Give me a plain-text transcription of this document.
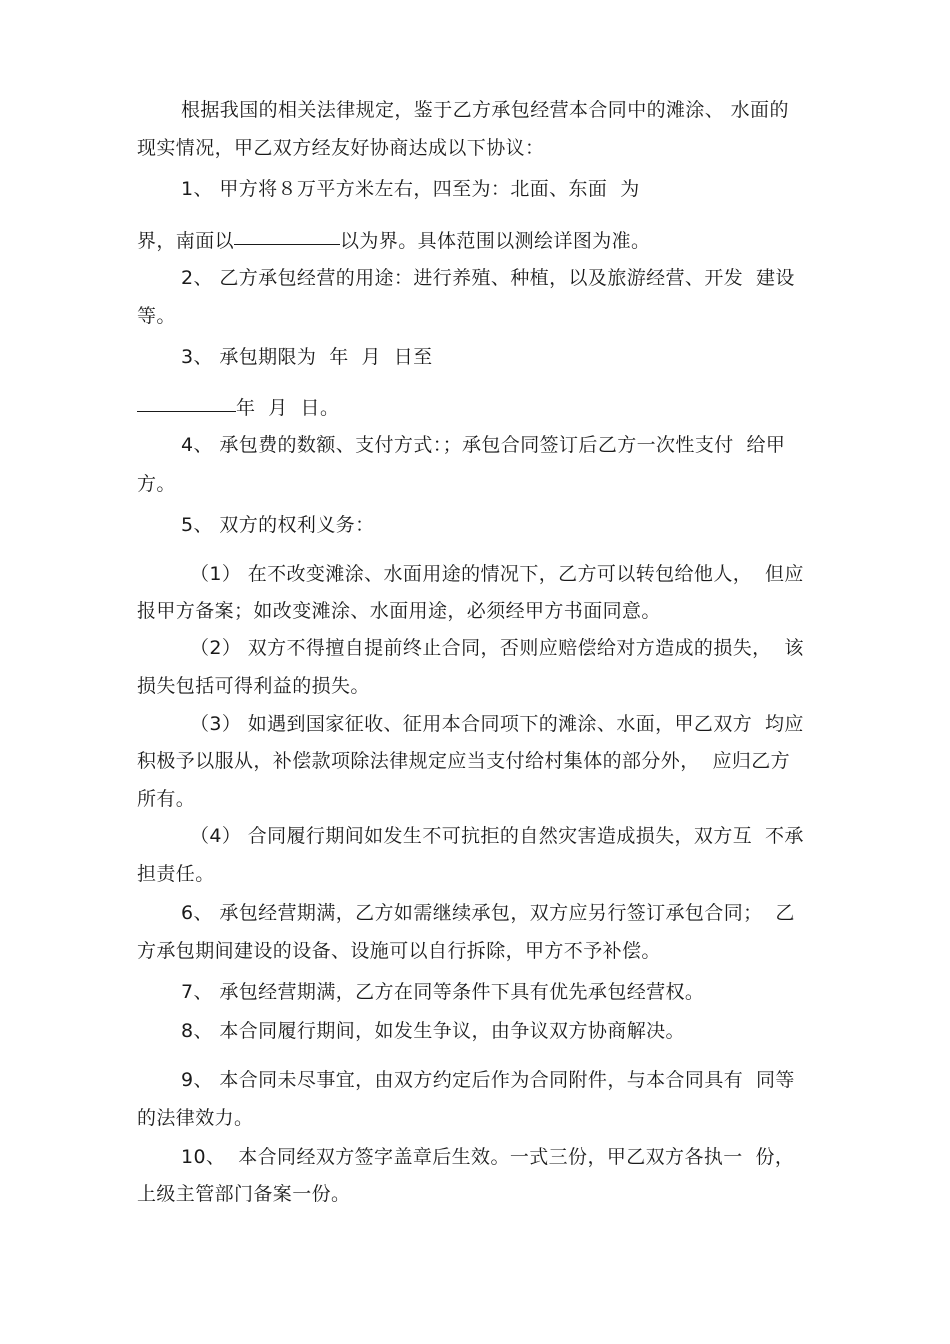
根据我国的相关法律规定，鉴于乙方承包经营本合同中的滩涂、 水面的
现实情况，甲乙双方经友好协商达成以下协议：
1、 甲方将８万平方米左右，四至为：北面、东面  为
界，南面以	以为界。具体范围以测绘详图为准。
2、 乙方承包经营的用途：进行养殖、种植，以及旅游经营、开发  建设
等。
3、 承包期限为  年  月  日至
年  月  日。
4、 承包费的数额、支付方式：；承包合同签订后乙方一次性支付  给甲
方。
5、 双方的权利义务：
（1） 在不改变滩涂、水面用途的情况下，乙方可以转包给他人，  但应
报甲方备案；如改变滩涂、水面用途，必须经甲方书面同意。
（2） 双方不得擅自提前终止合同，否则应赔偿给对方造成的损失，  该
损失包括可得利益的损失。
（3） 如遇到国家征收、征用本合同项下的滩涂、水面，甲乙双方  均应
积极予以服从，补偿款项除法律规定应当支付给村集体的部分外，  应归乙方
所有。
（4） 合同履行期间如发生不可抗拒的自然灾害造成损失，双方互  不承
担责任。
6、 承包经营期满，乙方如需继续承包，双方应另行签订承包合同；  乙
方承包期间建设的设备、设施可以自行拆除，甲方不予补偿。
7、 承包经营期满，乙方在同等条件下具有优先承包经营权。
8、 本合同履行期间，如发生争议，由争议双方协商解决。
9、 本合同未尽事宜，由双方约定后作为合同附件，与本合同具有  同等
的法律效力。
10、  本合同经双方签字盖章后生效。一式三份，甲乙双方各执一  份，
上级主管部门备案一份。
